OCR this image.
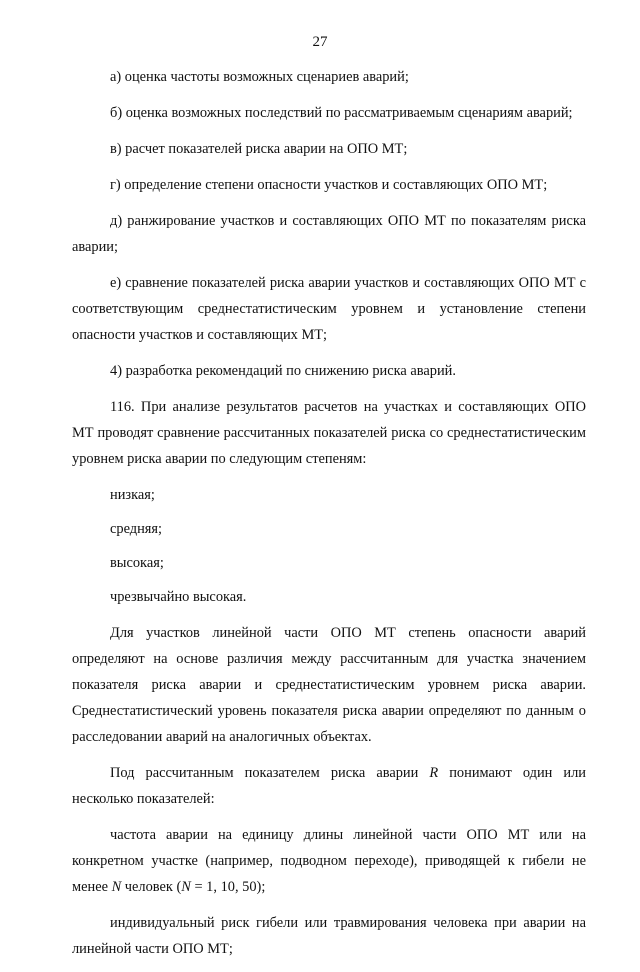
27

а) оценка частоты возможных сценариев аварий;

б) оценка возможных последствий по рассматриваемым сценариям аварий;

в) расчет показателей риска аварии на ОПО МТ;

г) определение степени опасности участков и составляющих ОПО МТ;

д) ранжирование участков и составляющих ОПО МТ по показателям риска аварии;

е) сравнение показателей риска аварии участков и составляющих ОПО МТ с соответствующим среднестатистическим уровнем и установление степени опасности участков и составляющих МТ;

4) разработка рекомендаций по снижению риска аварий.

116. При анализе результатов расчетов на участках и составляющих ОПО МТ проводят сравнение рассчитанных показателей риска со среднестатистическим уровнем риска аварии по следующим степеням:

низкая;

средняя;

высокая;

чрезвычайно высокая.

Для участков линейной части ОПО МТ степень опасности аварий определяют на основе различия между рассчитанным для участка значением показателя риска аварии и среднестатистическим уровнем риска аварии. Среднестатистический уровень показателя риска аварии определяют по данным о расследовании аварий на аналогичных объектах.

Под рассчитанным показателем риска аварии R понимают один или несколько показателей:

частота аварии на единицу длины линейной части ОПО МТ или на конкретном участке (например, подводном переходе), приводящей к гибели не менее N человек (N = 1, 10, 50);

индивидуальный риск гибели или травмирования человека при аварии на линейной части ОПО МТ;
